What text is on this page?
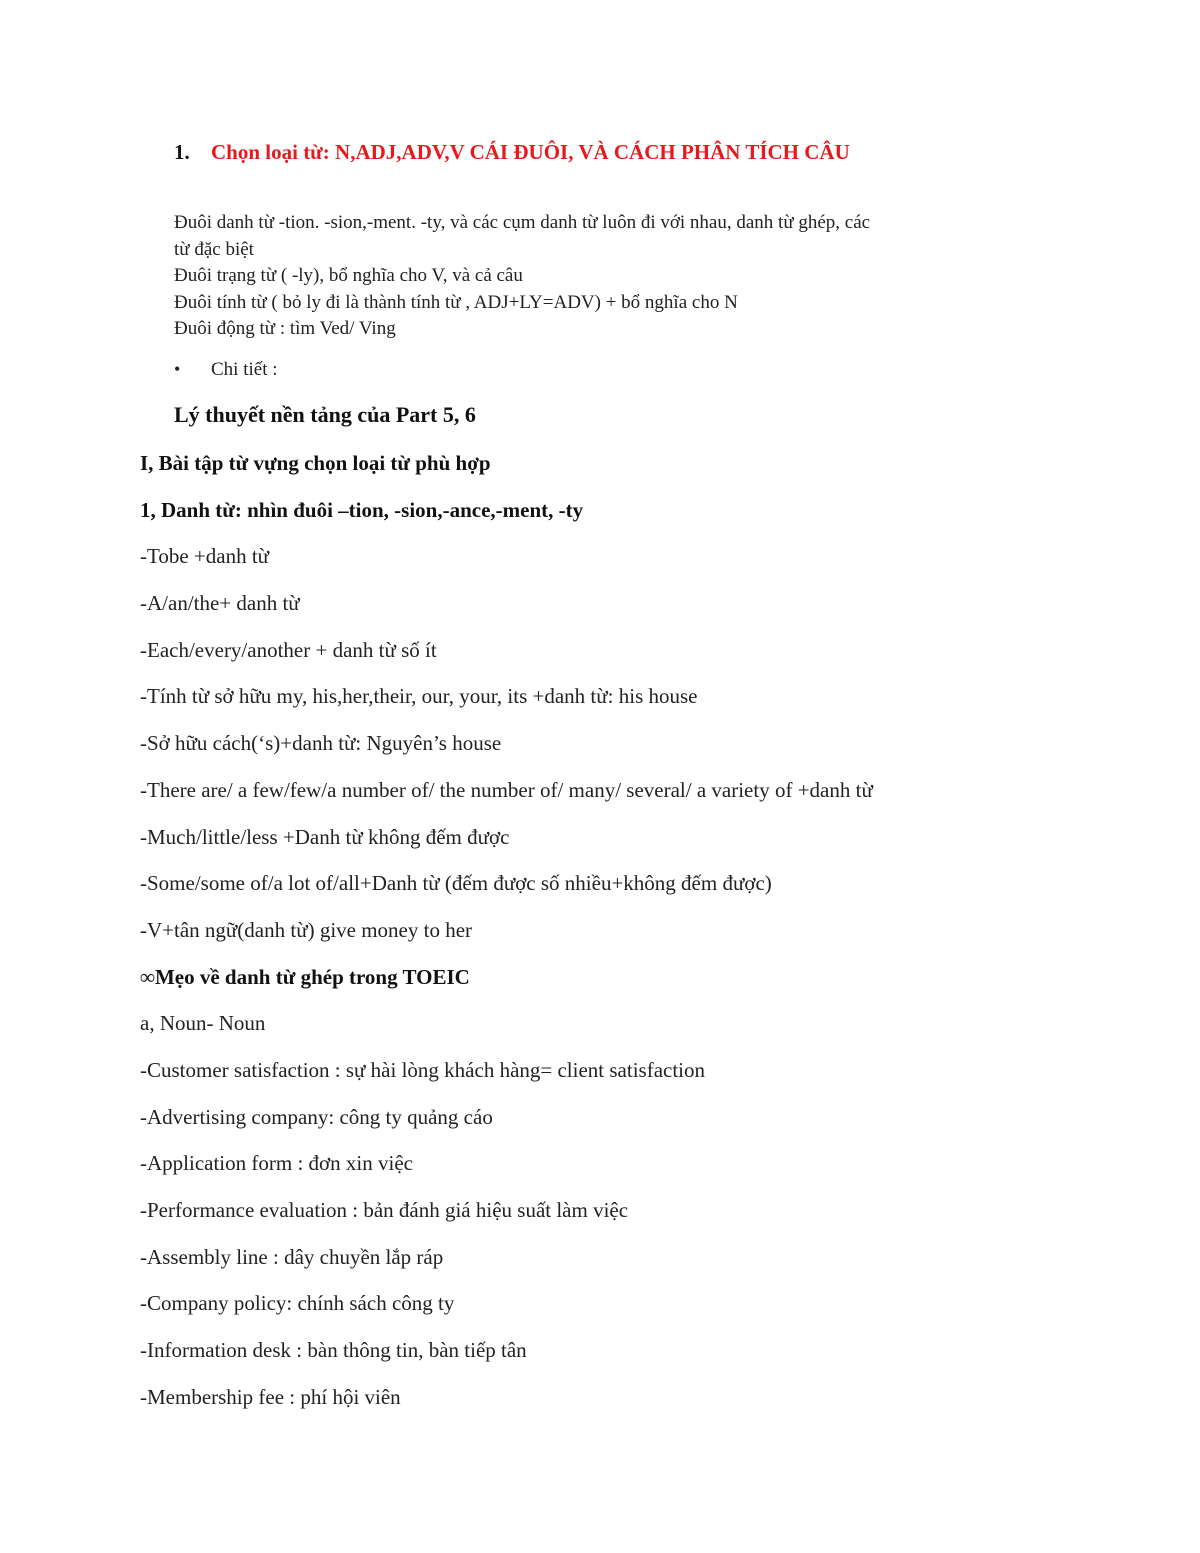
1. Chọn loại từ: N,ADJ,ADV,V CÁI ĐUÔI, VÀ CÁCH PHÂN TÍCH CÂU
Đuôi danh từ -tion. -sion,-ment. -ty, và các cụm danh từ luôn đi với nhau, danh từ ghép, các
từ đặc biệt
Đuôi trạng từ ( -ly), bổ nghĩa cho V, và cả câu
Đuôi tính từ ( bỏ ly đi là thành tính từ , ADJ+LY=ADV) + bổ nghĩa cho N
Đuôi động từ : tìm Ved/ Ving
• Chi tiết :
Lý thuyết nền tảng của Part 5, 6
I, Bài tập từ vựng chọn loại từ phù hợp
1, Danh từ: nhìn đuôi –tion, -sion,-ance,-ment, -ty
-Tobe +danh từ
-A/an/the+ danh từ
-Each/every/another + danh từ số ít
-Tính từ sở hữu my, his,her,their, our, your, its +danh từ: his house
-Sở hữu cách(‘s)+danh từ: Nguyên’s house
-There are/ a few/few/a number of/ the number of/ many/ several/ a variety of +danh từ
-Much/little/less +Danh từ không đếm được
-Some/some of/a lot of/all+Danh từ (đếm được số nhiều+không đếm được)
-V+tân ngữ(danh từ) give money to her
∞Mẹo về danh từ ghép trong TOEIC
a, Noun- Noun
-Customer satisfaction : sự hài lòng khách hàng= client satisfaction
-Advertising company: công ty quảng cáo
-Application form : đơn xin việc
-Performance evaluation : bản đánh giá hiệu suất làm việc
-Assembly line : dây chuyền lắp ráp
-Company policy: chính sách công ty
-Information desk : bàn thông tin, bàn tiếp tân
-Membership fee : phí hội viên
